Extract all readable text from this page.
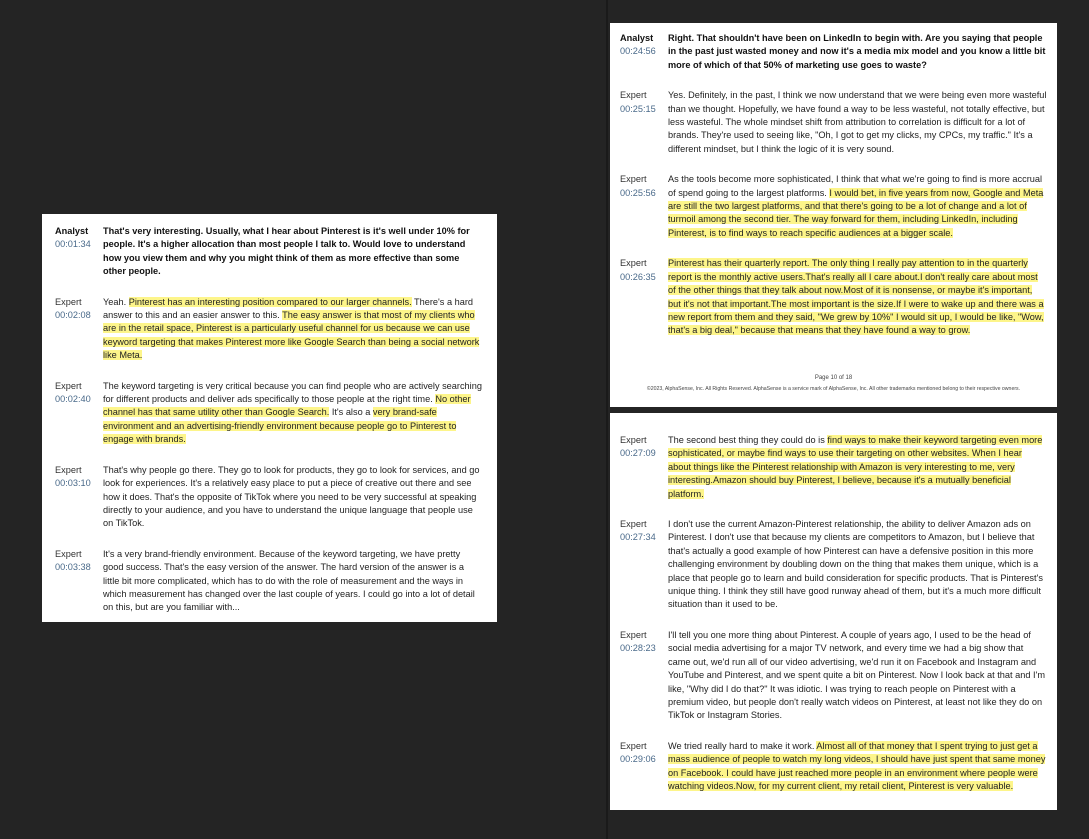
Analyst
00:01:34

That's very interesting. Usually, what I hear about Pinterest is it's well under 10% for people. It's a higher allocation than most people I talk to. Would love to understand how you view them and why you might think of them as more effective than some other people.

Expert
00:02:08

Yeah. Pinterest has an interesting position compared to our larger channels. There's a hard answer to this and an easier answer to this. The easy answer is that most of my clients who are in the retail space, Pinterest is a particularly useful channel for us because we can use keyword targeting that makes Pinterest more like Google Search than being a social network like Meta.

Expert
00:02:40

The keyword targeting is very critical because you can find people who are actively searching for different products and deliver ads specifically to those people at the right time. No other channel has that same utility other than Google Search. It's also a very brand-safe environment and an advertising-friendly environment because people go to Pinterest to engage with brands.

Expert
00:03:10

That's why people go there. They go to look for products, they go to look for services, and go look for experiences. It's a relatively easy place to put a piece of creative out there and see how it does. That's the opposite of TikTok where you need to be very successful at speaking directly to your audience, and you have to understand the unique language that people use on TikTok.

Expert
00:03:38

It's a very brand-friendly environment. Because of the keyword targeting, we have pretty good success. That's the easy version of the answer. The hard version of the answer is a little bit more complicated, which has to do with the role of measurement and the ways in which measurement has changed over the last couple of years. I could go into a lot of detail on this, but are you familiar with...

Analyst
00:24:56

Right. That shouldn't have been on LinkedIn to begin with. Are you saying that people in the past just wasted money and now it's a media mix model and you know a little bit more of which of that 50% of marketing use goes to waste?

Expert
00:25:15

Yes. Definitely, in the past, I think we now understand that we were being even more wasteful than we thought. Hopefully, we have found a way to be less wasteful, not totally effective, but less wasteful. The whole mindset shift from attribution to correlation is difficult for a lot of brands. They're used to seeing like, "Oh, I got to get my clicks, my CPCs, my traffic." It's a different mindset, but I think the logic of it is very sound.

Expert
00:25:56

As the tools become more sophisticated, I think that what we're going to find is more accrual of spend going to the largest platforms. I would bet, in five years from now, Google and Meta are still the two largest platforms, and that there's going to be a lot of change and a lot of turmoil among the second tier. The way forward for them, including LinkedIn, including Pinterest, is to find ways to reach specific audiences at a bigger scale.

Expert
00:26:35

Pinterest has their quarterly report. The only thing I really pay attention to in the quarterly report is the monthly active users.That's really all I care about.I don't really care about most of the other things that they talk about now.Most of it is nonsense, or maybe it's important, but it's not that important.The most important is the size.If I were to wake up and there was a new report from them and they said, "We grew by 10%" I would sit up, I would be like, "Wow, that's a big deal," because that means that they have found a way to grow.

Page 10 of 18
©2023, AlphaSense, Inc. All Rights Reserved. AlphaSense is a service mark of AlphaSense, Inc. All other trademarks mentioned belong to their respective owners.
Expert
00:27:09

The second best thing they could do is find ways to make their keyword targeting even more sophisticated, or maybe find ways to use their targeting on other websites. When I hear about things like the Pinterest relationship with Amazon is very interesting to me, very interesting.Amazon should buy Pinterest, I believe, because it's a mutually beneficial platform.

Expert
00:27:34

I don't use the current Amazon-Pinterest relationship, the ability to deliver Amazon ads on Pinterest. I don't use that because my clients are competitors to Amazon, but I believe that that's actually a good example of how Pinterest can have a defensive position in this more challenging environment by doubling down on the thing that makes them unique, which is a place that people go to learn and build consideration for specific products. That is Pinterest's unique thing. I think they still have good runway ahead of them, but it's a much more difficult situation than it used to be.

Expert
00:28:23

I'll tell you one more thing about Pinterest. A couple of years ago, I used to be the head of social media advertising for a major TV network, and every time we had a big show that came out, we'd run all of our video advertising, we'd run it on Facebook and Instagram and YouTube and Pinterest, and we spent quite a bit on Pinterest. Now I look back at that and I'm like, "Why did I do that?" It was idiotic. I was trying to reach people on Pinterest with a premium video, but people don't really watch videos on Pinterest, at least not like they do on TikTok or Instagram Stories.

Expert
00:29:06

We tried really hard to make it work. Almost all of that money that I spent trying to just get a mass audience of people to watch my long videos, I should have just spent that same money on Facebook. I could have just reached more people in an environment where people were watching videos.Now, for my current client, my retail client, Pinterest is very valuable.
